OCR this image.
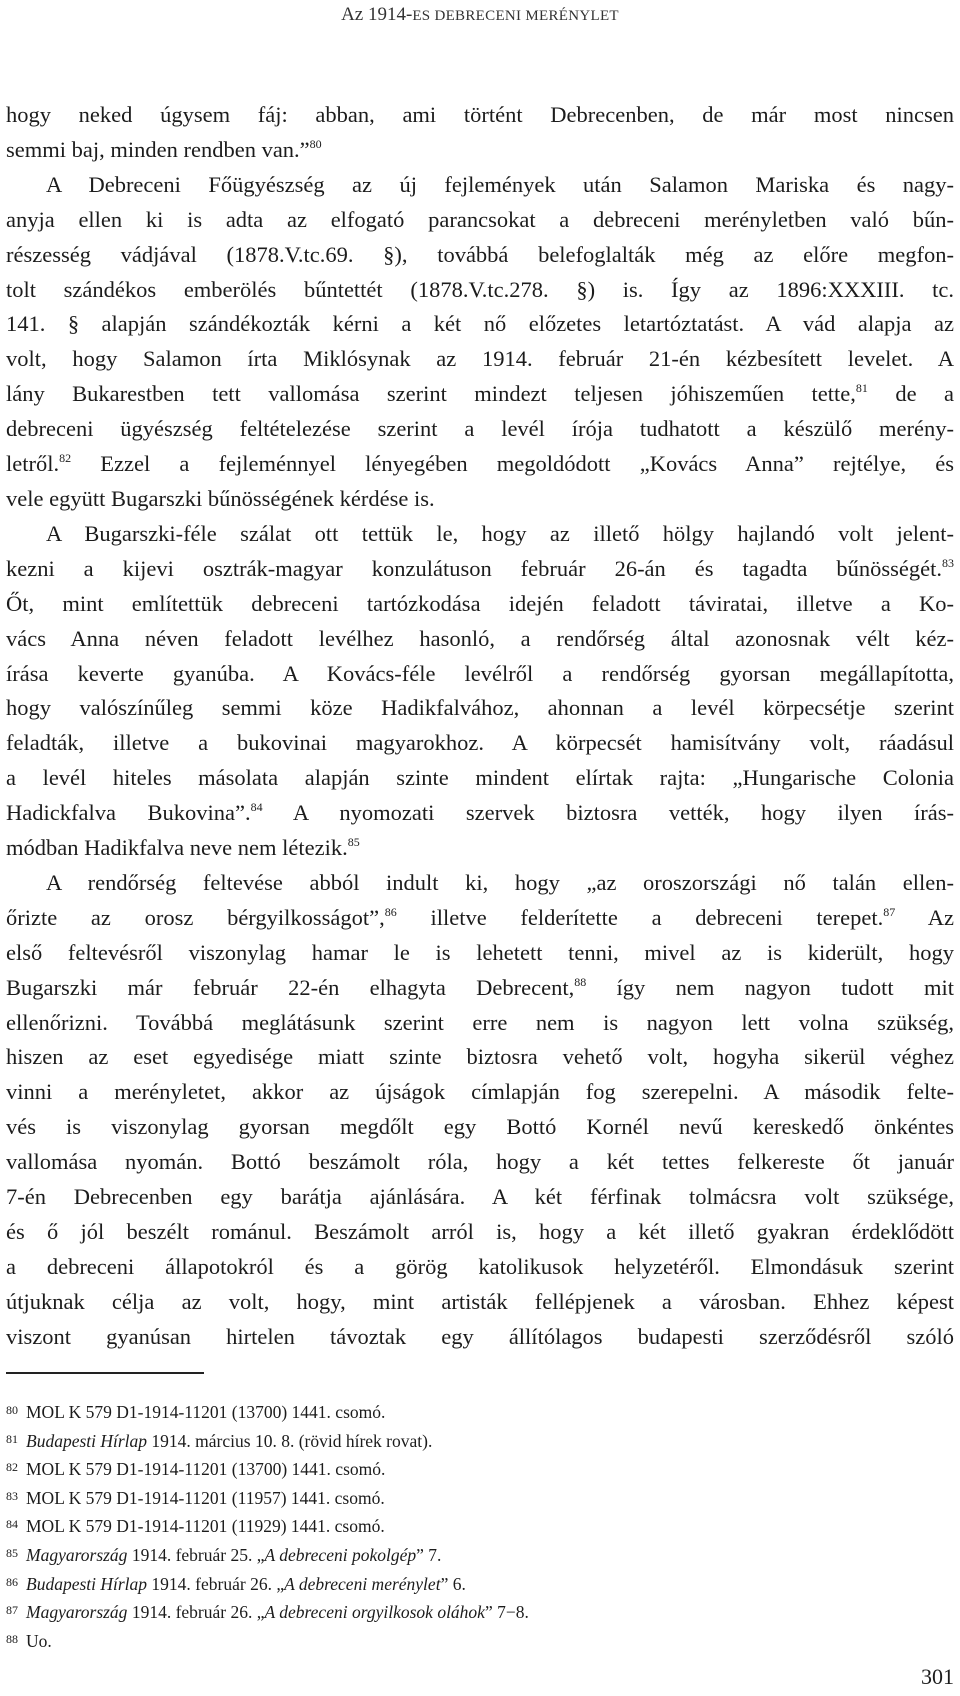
Az 1914-ES DEBRECENI MERÉNYLET
hogy neked úgysem fáj: abban, ami történt Debrecenben, de már most nincsen
semmi baj, minden rendben van.”$^{80}$
A Debreceni Főügyészség az új fejlemények után Salamon Mariska és nagy-
anyja ellen ki is adta az elfogató parancsokat a debreceni merényletben való bűn-
részesség vádjával (1878.V.tc.69. §), továbbá belefoglalták még az előre megfon-
tolt szándékos emberölés bűntettét (1878.V.tc.278. §) is. Így az 1896:XXXIII. tc.
141. § alapján szándékozták kérni a két nő előzetes letartóztatást. A vád alapja az
volt, hogy Salamon írta Miklósynak az 1914. február 21-én kézbesített levelet. A
lány Bukarestben tett vallomása szerint mindezt teljesen jóhiszeműen tette,$^{81}$ de a
debreceni ügyészség feltételezése szerint a levél írója tudhatott a készülő merény-
letről.$^{82}$ Ezzel a fejleménnyel lényegében megoldódott „Kovács Anna” rejtélye, és
vele együtt Bugarszki bűnösségének kérdése is.
A Bugarszki-féle szálat ott tettük le, hogy az illető hölgy hajlandó volt jelent-
kezni a kijevi osztrák-magyar konzulátuson február 26-án és tagadta bűnösségét.$^{83}$
Őt, mint említettük debreceni tartózkodása idején feladott táviratai, illetve a Ko-
vács Anna néven feladott levélhez hasonló, a rendőrség által azonosnak vélt kéz-
írása keverte gyanúba. A Kovács-féle levélről a rendőrség gyorsan megállapította,
hogy valószínűleg semmi köze Hadikfalvához, ahonnan a levél körpecsétje szerint
feladták, illetve a bukovinai magyarokhoz. A körpecsét hamisítvány volt, ráadásul
a levél hiteles másolata alapján szinte mindent elírtak rajta: „Hungarische Colonia
Hadickfalva Bukovina”.$^{84}$ A nyomozati szervek biztosra vették, hogy ilyen írás-
módban Hadikfalva neve nem létezik.$^{85}$
A rendőrség feltevése abból indult ki, hogy „az oroszországi nő talán ellen-
őrizte az orosz bérgyilkosságot”,$^{86}$ illetve felderítette a debreceni terepet.$^{87}$ Az
első feltevésről viszonylag hamar le is lehetett tenni, mivel az is kiderült, hogy
Bugarszki már február 22-én elhagyta Debrecent,$^{88}$ így nem nagyon tudott mit
ellenőrizni. Továbbá meglátásunk szerint erre nem is nagyon lett volna szükség,
hiszen az eset egyedisége miatt szinte biztosra vehető volt, hogyha sikerül véghez
vinni a merényletet, akkor az újságok címlapján fog szerepelni. A második felte-
vés is viszonylag gyorsan megdőlt egy Bottó Kornél nevű kereskedő önkéntes
vallomása nyomán. Bottó beszámolt róla, hogy a két tettes felkereste őt január
7-én Debrecenben egy barátja ajánlására. A két férfinak tolmácsra volt szüksége,
és ő jól beszélt románul. Beszámolt arról is, hogy a két illető gyakran érdeklődött
a debreceni állapotokról és a görög katolikusok helyzetéről. Elmondásuk szerint
útjuknak célja az volt, hogy, mint artisták fellépjenek a városban. Ehhez képest
viszont gyanúsan hirtelen távoztak egy állítólagos budapesti szerződésről szóló
$^{80}$ MOL K 579 D1-1914-11201 (13700) 1441. csomó.
$^{81}$ Budapesti Hírlap 1914. március 10. 8. (rövid hírek rovat).
$^{82}$ MOL K 579 D1-1914-11201 (13700) 1441. csomó.
$^{83}$ MOL K 579 D1-1914-11201 (11957) 1441. csomó.
$^{84}$ MOL K 579 D1-1914-11201 (11929) 1441. csomó.
$^{85}$ Magyarország 1914. február 25. „A debreceni pokolgép” 7.
$^{86}$ Budapesti Hírlap 1914. február 26. „A debreceni merénylet” 6.
$^{87}$ Magyarország 1914. február 26. „A debreceni orgyilkosok oláhok” 7−8.
$^{88}$ Uo.
301
